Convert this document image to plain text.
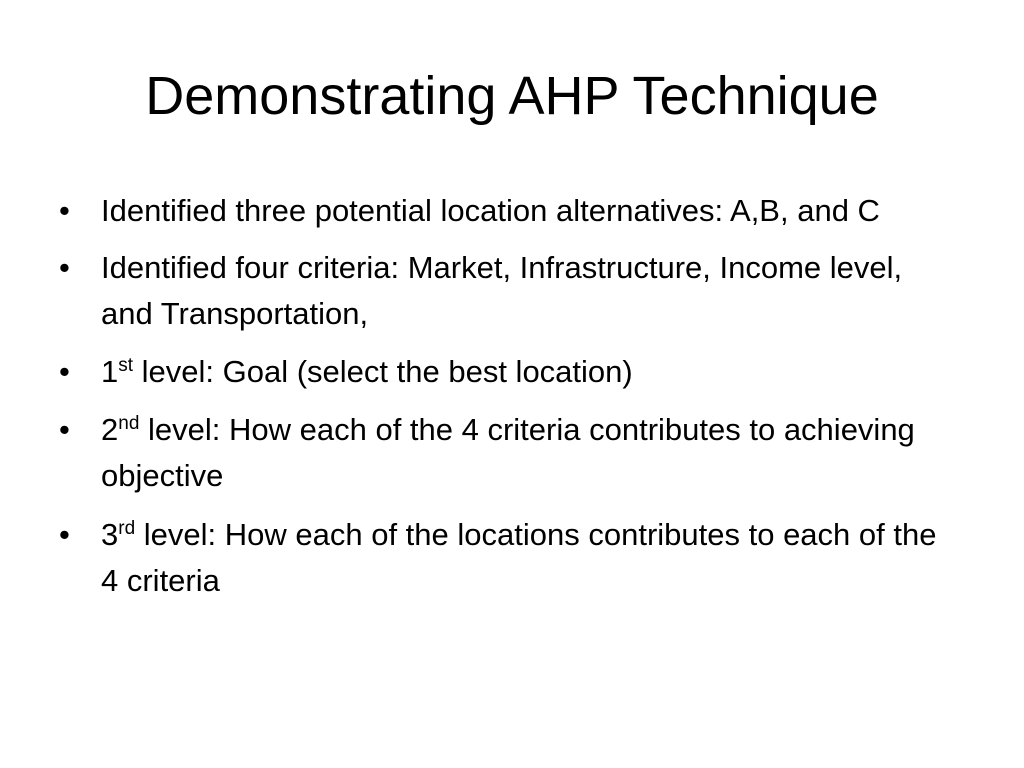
Demonstrating AHP Technique
• Identified three potential location alternatives: A,B, and C
• Identified four criteria: Market, Infrastructure, Income level, and Transportation,
• 1st level: Goal (select the best location)
• 2nd level: How each of the 4 criteria contributes to achieving objective
• 3rd level: How each of the locations contributes to each of the 4 criteria
